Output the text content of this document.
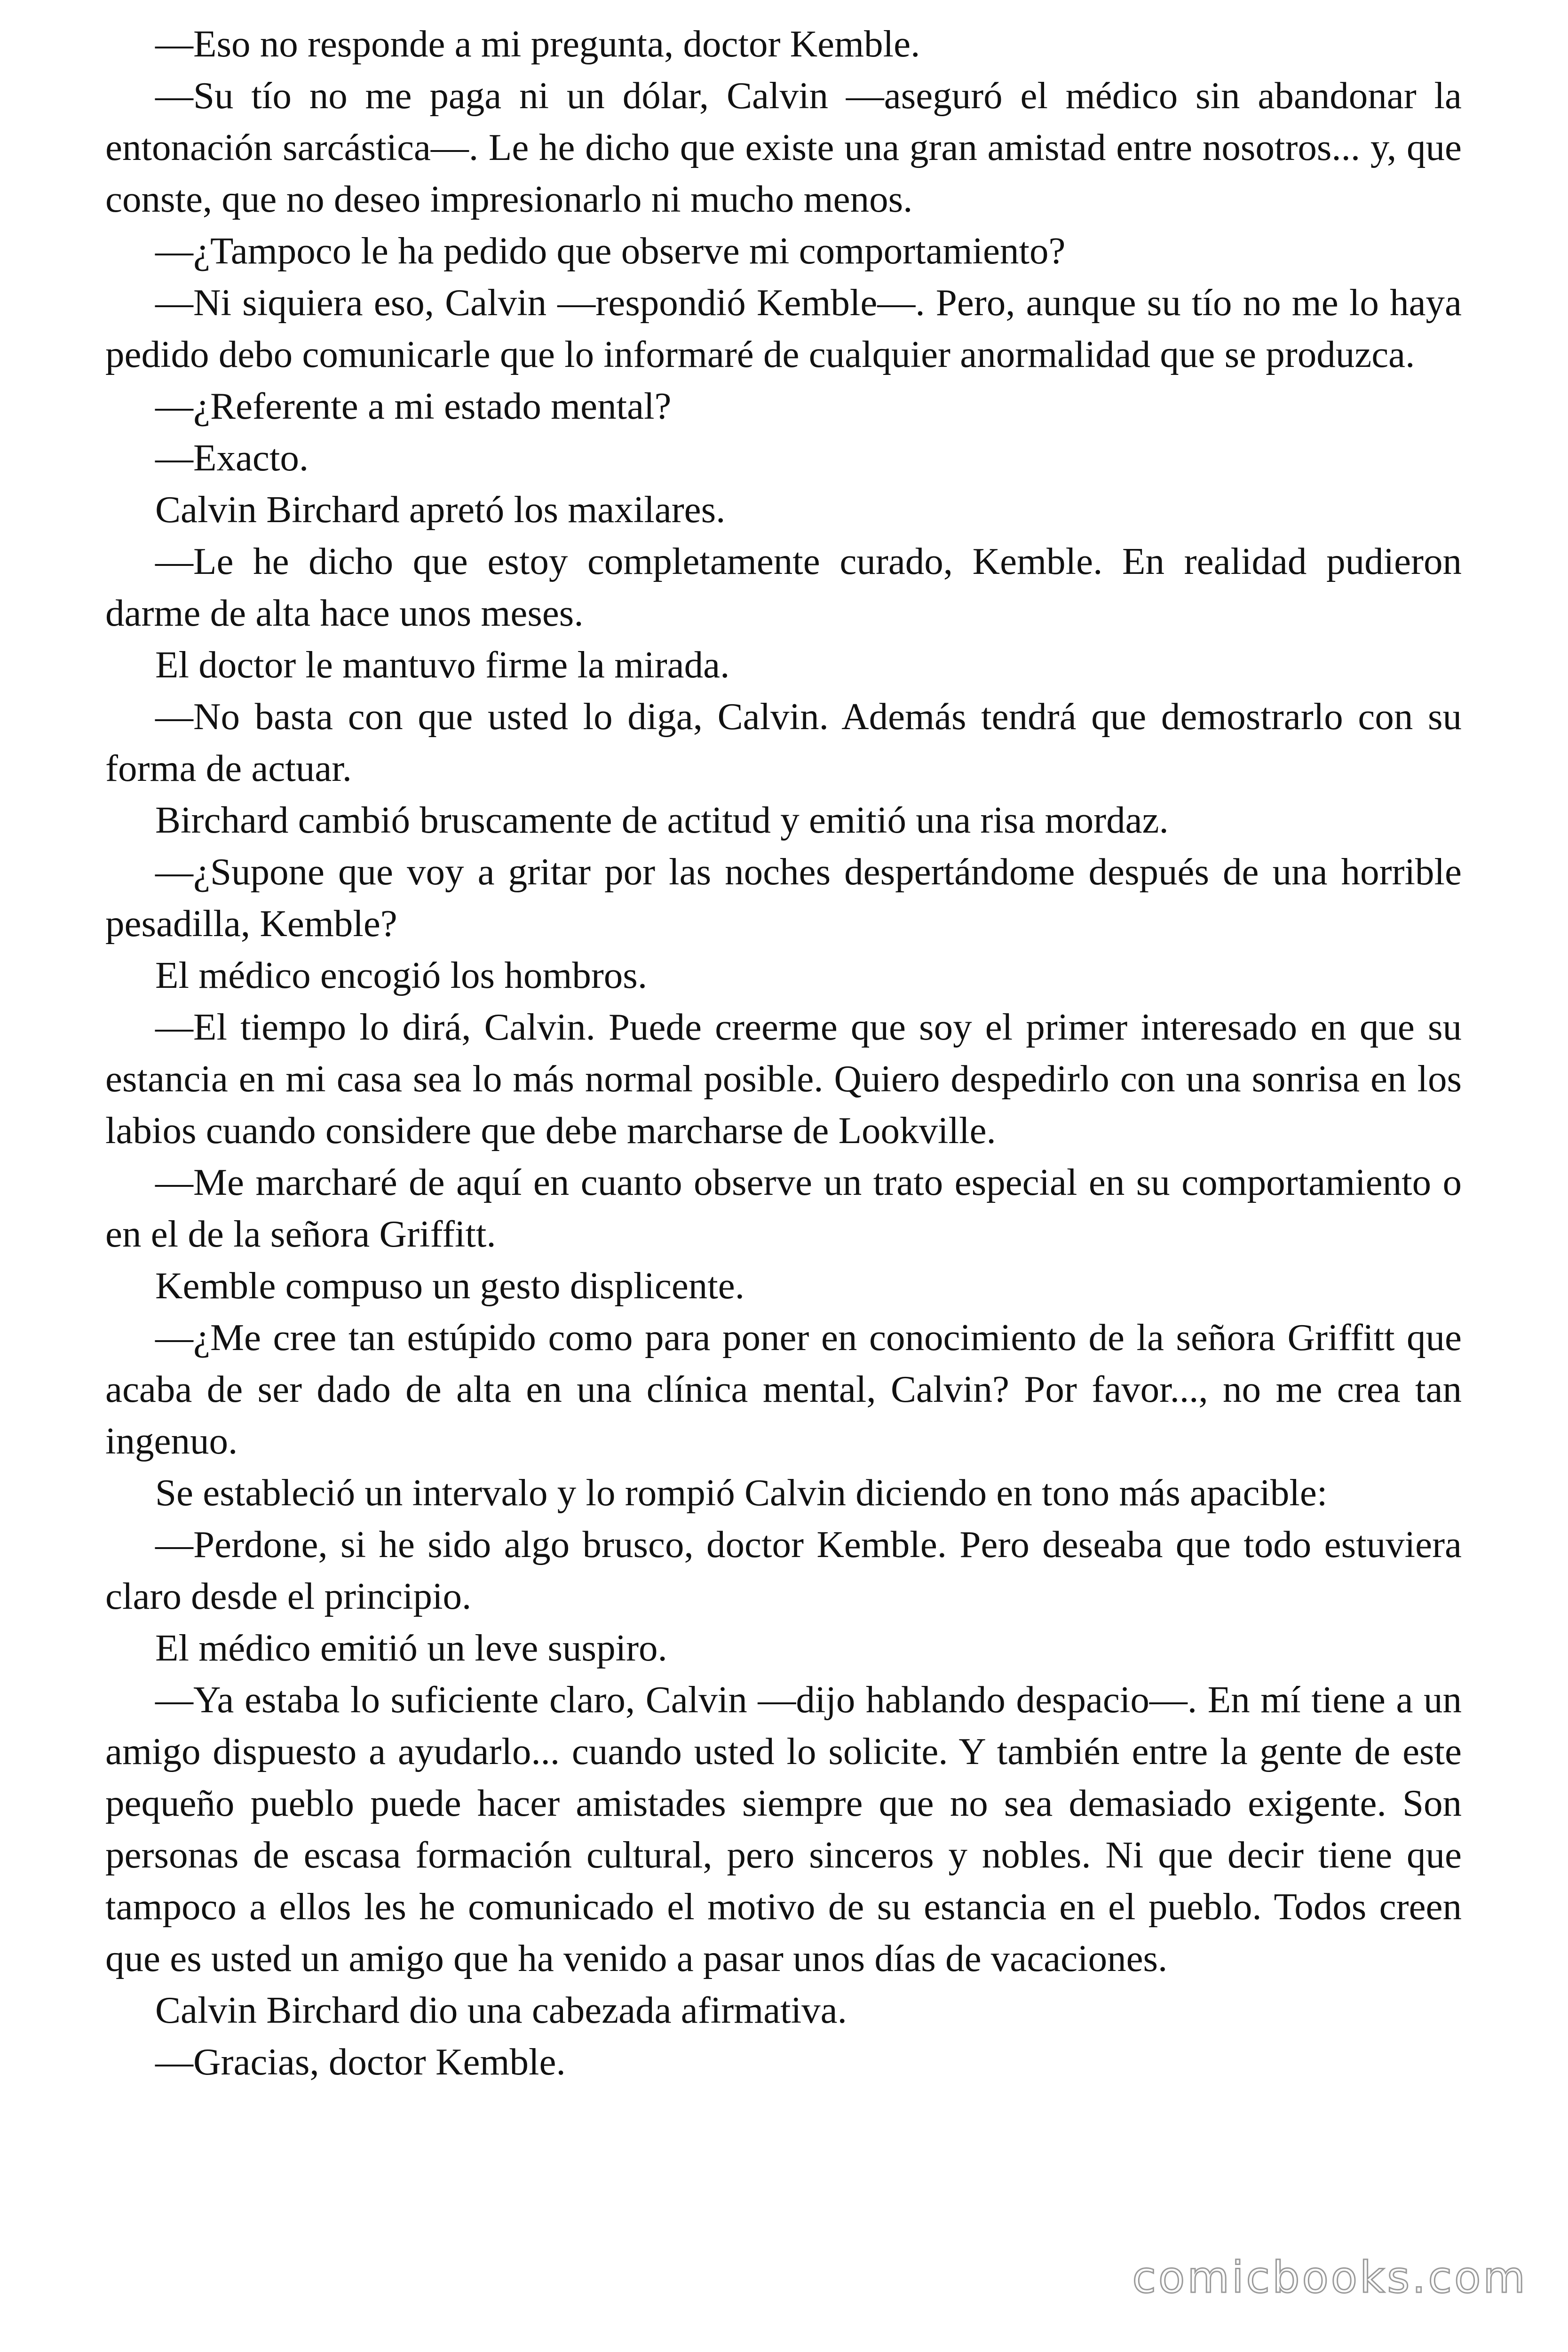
—Eso no responde a mi pregunta, doctor Kemble.

—Su tío no me paga ni un dólar, Calvin —aseguró el médico sin abandonar la entonación sarcástica—. Le he dicho que existe una gran amistad entre nosotros... y, que conste, que no deseo impresionarlo ni mucho menos.

—¿Tampoco le ha pedido que observe mi comportamiento?

—Ni siquiera eso, Calvin —respondió Kemble—. Pero, aunque su tío no me lo haya pedido debo comunicarle que lo informaré de cualquier anormalidad que se produzca.

—¿Referente a mi estado mental?

—Exacto.

Calvin Birchard apretó los maxilares.

—Le he dicho que estoy completamente curado, Kemble. En realidad pudieron darme de alta hace unos meses.

El doctor le mantuvo firme la mirada.

—No basta con que usted lo diga, Calvin. Además tendrá que demostrarlo con su forma de actuar.

Birchard cambió bruscamente de actitud y emitió una risa mordaz.

—¿Supone que voy a gritar por las noches despertándome después de una horrible pesadilla, Kemble?

El médico encogió los hombros.

—El tiempo lo dirá, Calvin. Puede creerme que soy el primer interesado en que su estancia en mi casa sea lo más normal posible. Quiero despedirlo con una sonrisa en los labios cuando considere que debe marcharse de Lookville.

—Me marcharé de aquí en cuanto observe un trato especial en su comportamiento o en el de la señora Griffitt.

Kemble compuso un gesto displicente.

—¿Me cree tan estúpido como para poner en conocimiento de la señora Griffitt que acaba de ser dado de alta en una clínica mental, Calvin? Por favor..., no me crea tan ingenuo.

Se estableció un intervalo y lo rompió Calvin diciendo en tono más apacible:

—Perdone, si he sido algo brusco, doctor Kemble. Pero deseaba que todo estuviera claro desde el principio.

El médico emitió un leve suspiro.

—Ya estaba lo suficiente claro, Calvin —dijo hablando despacio—. En mí tiene a un amigo dispuesto a ayudarlo... cuando usted lo solicite. Y también entre la gente de este pequeño pueblo puede hacer amistades siempre que no sea demasiado exigente. Son personas de escasa formación cultural, pero sinceros y nobles. Ni que decir tiene que tampoco a ellos les he comunicado el motivo de su estancia en el pueblo. Todos creen que es usted un amigo que ha venido a pasar unos días de vacaciones.

Calvin Birchard dio una cabezada afirmativa.

—Gracias, doctor Kemble.

comicbooks.com
